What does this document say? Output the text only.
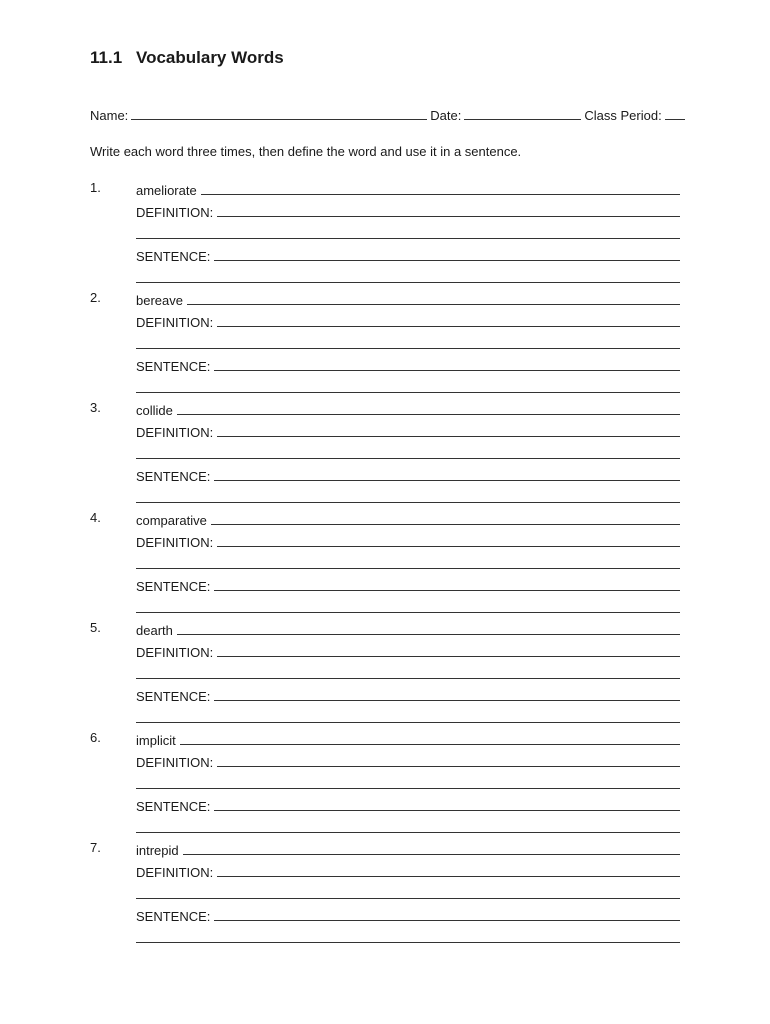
11.1 Vocabulary Words
Name:	Date:	Class Period:
Write each word three times, then define the word and use it in a sentence.
1.	ameliorate
DEFINITION:
SENTENCE:
2.	bereave
DEFINITION:
SENTENCE:
3.	collide
DEFINITION:
SENTENCE:
4.	comparative
DEFINITION:
SENTENCE:
5.	dearth
DEFINITION:
SENTENCE:
6.	implicit
DEFINITION:
SENTENCE:
7.	intrepid
DEFINITION:
SENTENCE:
